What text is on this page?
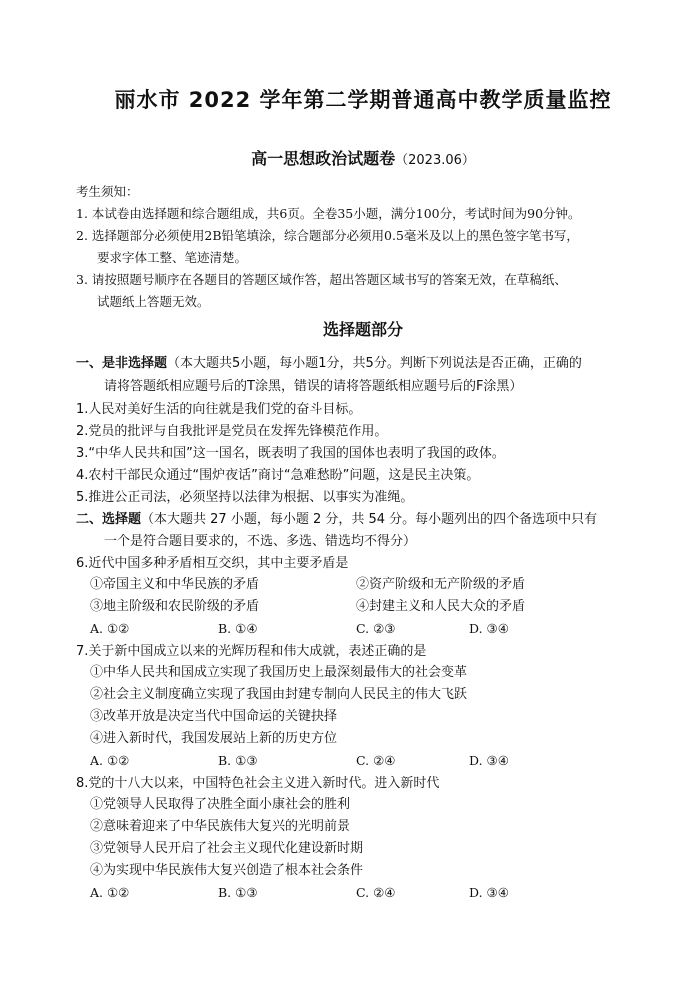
丽水市 2022 学年第二学期普通高中教学质量监控
高一思想政治试题卷（2023.06）
考生须知：
1. 本试卷由选择题和综合题组成，共6页。全卷35小题，满分100分，考试时间为90分钟。
2. 选择题部分必须使用2B铅笔填涂，综合题部分必须用0.5毫米及以上的黑色签字笔书写，
要求字体工整、笔迹清楚。
3. 请按照题号顺序在各题目的答题区域作答，超出答题区域书写的答案无效，在草稿纸、
试题纸上答题无效。
选择题部分
一、是非选择题（本大题共5小题，每小题1分，共5分。判断下列说法是否正确，正确的
请将答题纸相应题号后的T涂黑，错误的请将答题纸相应题号后的F涂黑）
1.人民对美好生活的向往就是我们党的奋斗目标。
2.党员的批评与自我批评是党员在发挥先锋模范作用。
3.“中华人民共和国”这一国名，既表明了我国的国体也表明了我国的政体。
4.农村干部民众通过“围炉夜话”商讨“急难愁盼”问题，这是民主决策。
5.推进公正司法，必须坚持以法律为根据、以事实为准绳。
二、选择题（本大题共 27 小题，每小题 2 分，共 54 分。每小题列出的四个备选项中只有
一个是符合题目要求的，不选、多选、错选均不得分）
6.近代中国多种矛盾相互交织，其中主要矛盾是
①帝国主义和中华民族的矛盾	②资产阶级和无产阶级的矛盾
③地主阶级和农民阶级的矛盾	④封建主义和人民大众的矛盾
A. ①②	B. ①④	C. ②③	D. ③④
7.关于新中国成立以来的光辉历程和伟大成就，表述正确的是
①中华人民共和国成立实现了我国历史上最深刻最伟大的社会变革
②社会主义制度确立实现了我国由封建专制向人民民主的伟大飞跃
③改革开放是决定当代中国命运的关键抉择
④进入新时代，我国发展站上新的历史方位
A. ①②	B. ①③	C. ②④	D. ③④
8.党的十八大以来，中国特色社会主义进入新时代。进入新时代
①党领导人民取得了决胜全面小康社会的胜利
②意味着迎来了中华民族伟大复兴的光明前景
③党领导人民开启了社会主义现代化建设新时期
④为实现中华民族伟大复兴创造了根本社会条件
A. ①②	B. ①③	C. ②④	D. ③④
